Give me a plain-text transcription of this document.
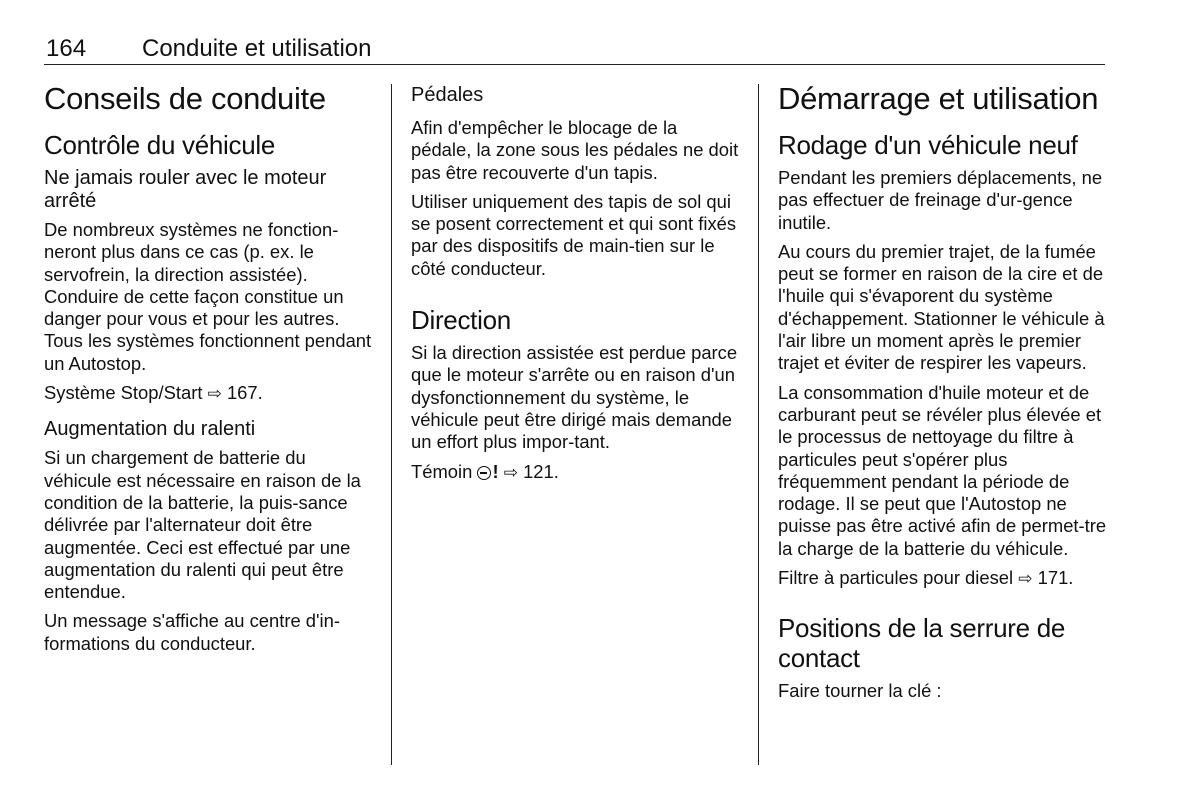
164 Conduite et utilisation
Conseils de conduite
Contrôle du véhicule
Ne jamais rouler avec le moteur arrêté

De nombreux systèmes ne fonction-neront plus dans ce cas (p. ex. le servofrein, la direction assistée). Conduire de cette façon constitue un danger pour vous et pour les autres. Tous les systèmes fonctionnent pendant un Autostop.

Système Stop/Start ⇨ 167.

Augmentation du ralenti

Si un chargement de batterie du véhicule est nécessaire en raison de la condition de la batterie, la puis-sance délivrée par l'alternateur doit être augmentée. Ceci est effectué par une augmentation du ralenti qui peut être entendue.

Un message s'affiche au centre d'in-formations du conducteur.

Pédales

Afin d'empêcher le blocage de la pédale, la zone sous les pédales ne doit pas être recouverte d'un tapis.

Utiliser uniquement des tapis de sol qui se posent correctement et qui sont fixés par des dispositifs de main-tien sur le côté conducteur.

Direction

Si la direction assistée est perdue parce que le moteur s'arrête ou en raison d'un dysfonctionnement du système, le véhicule peut être dirigé mais demande un effort plus impor-tant.

Témoin ! ⇨ 121.

Démarrage et utilisation
Rodage d'un véhicule neuf

Pendant les premiers déplacements, ne pas effectuer de freinage d'ur-gence inutile.

Au cours du premier trajet, de la fumée peut se former en raison de la cire et de l'huile qui s'évaporent du système d'échappement. Stationner le véhicule à l'air libre un moment après le premier trajet et éviter de respirer les vapeurs.

La consommation d'huile moteur et de carburant peut se révéler plus élevée et le processus de nettoyage du filtre à particules peut s'opérer plus fréquemment pendant la période de rodage. Il se peut que l'Autostop ne puisse pas être activé afin de permet-tre la charge de la batterie du véhicule.

Filtre à particules pour diesel ⇨ 171.

Positions de la serrure de contact

Faire tourner la clé :
